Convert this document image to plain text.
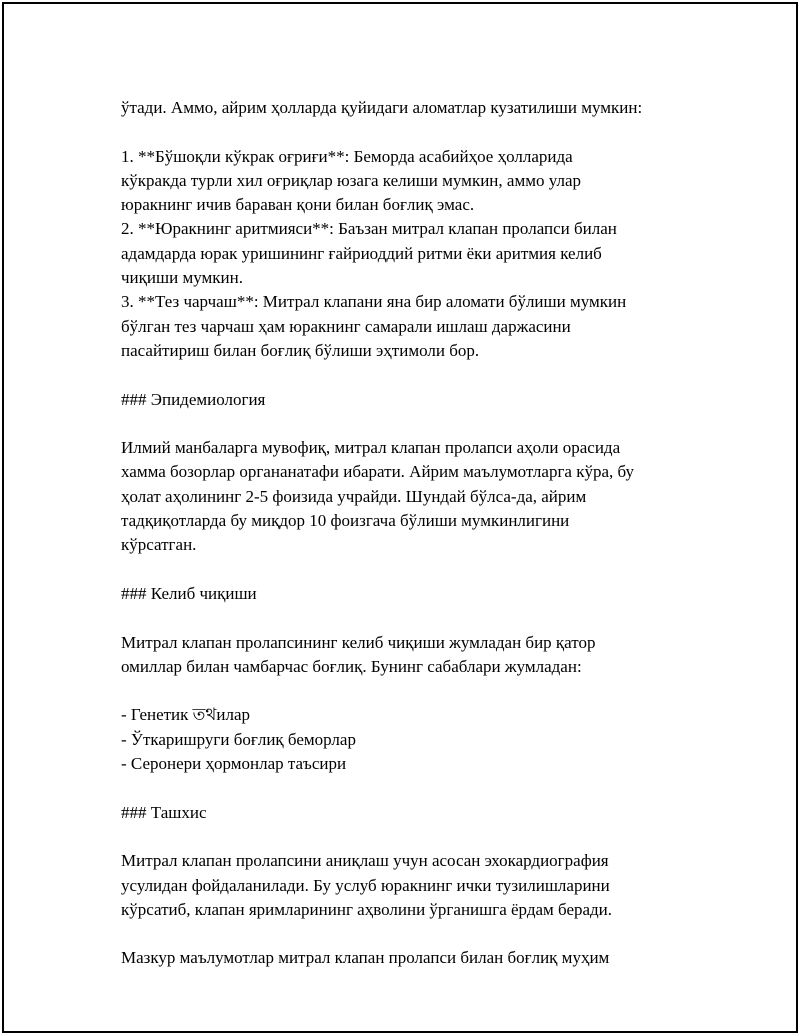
ўтади. Аммо, айрим ҳолларда қуйидаги аломатлар кузатилиши мумкин:
1. **Бўшоқли кўкрак оғриғи**: Беморда асабийҳое ҳолларида
кўкракда турли хил оғриқлар юзага келиши мумкин, аммо улар
юракнинг ичив бараван қони билан боғлиқ эмас.
2. **Юракнинг аритмияси**: Баъзан митрал клапан пролапси билан
адамдарда юрак уришининг ғайриоддий ритми ёки аритмия келиб
чиқиши мумкин.
3. **Тез чарчаш**: Митрал клапани яна бир аломати бўлиши мумкин
бўлган тез чарчаш ҳам юракнинг самарали ишлаш даржасини
пасайтириш билан боғлиқ бўлиши эҳтимоли бор.
### Эпидемиология
Илмий манбаларга мувофиқ, митрал клапан пролапси аҳоли орасида
хамма бозорлар органанатафи ибарати. Айрим маълумотларга кўра, бу
ҳолат аҳолининг 2-5 фоизида учрайди. Шундай бўлса-да, айрим
тадқиқотларда бу миқдор 10 фоизгача бўлиши мумкинлигини
кўрсатган.
### Келиб чиқиши
Митрал клапан пролапсининг келиб чиқиши жумладан бир қатор
омиллар билан чамбарчас боғлиқ. Бунинг сабаблари жумладан:
- Генетик তথилар
- Ўткаришруги боғлиқ беморлар
- Серонери ҳормонлар таъсири
### Ташхис
Митрал клапан пролапсини аниқлаш учун асосан эхокардиография
усулидан фойдаланилади. Бу услуб юракнинг ички тузилишларини
кўрсатиб, клапан яримларининг аҳволини ўрганишга ёрдам беради.
Мазкур маълумотлар митрал клапан пролапси билан боғлиқ муҳим
